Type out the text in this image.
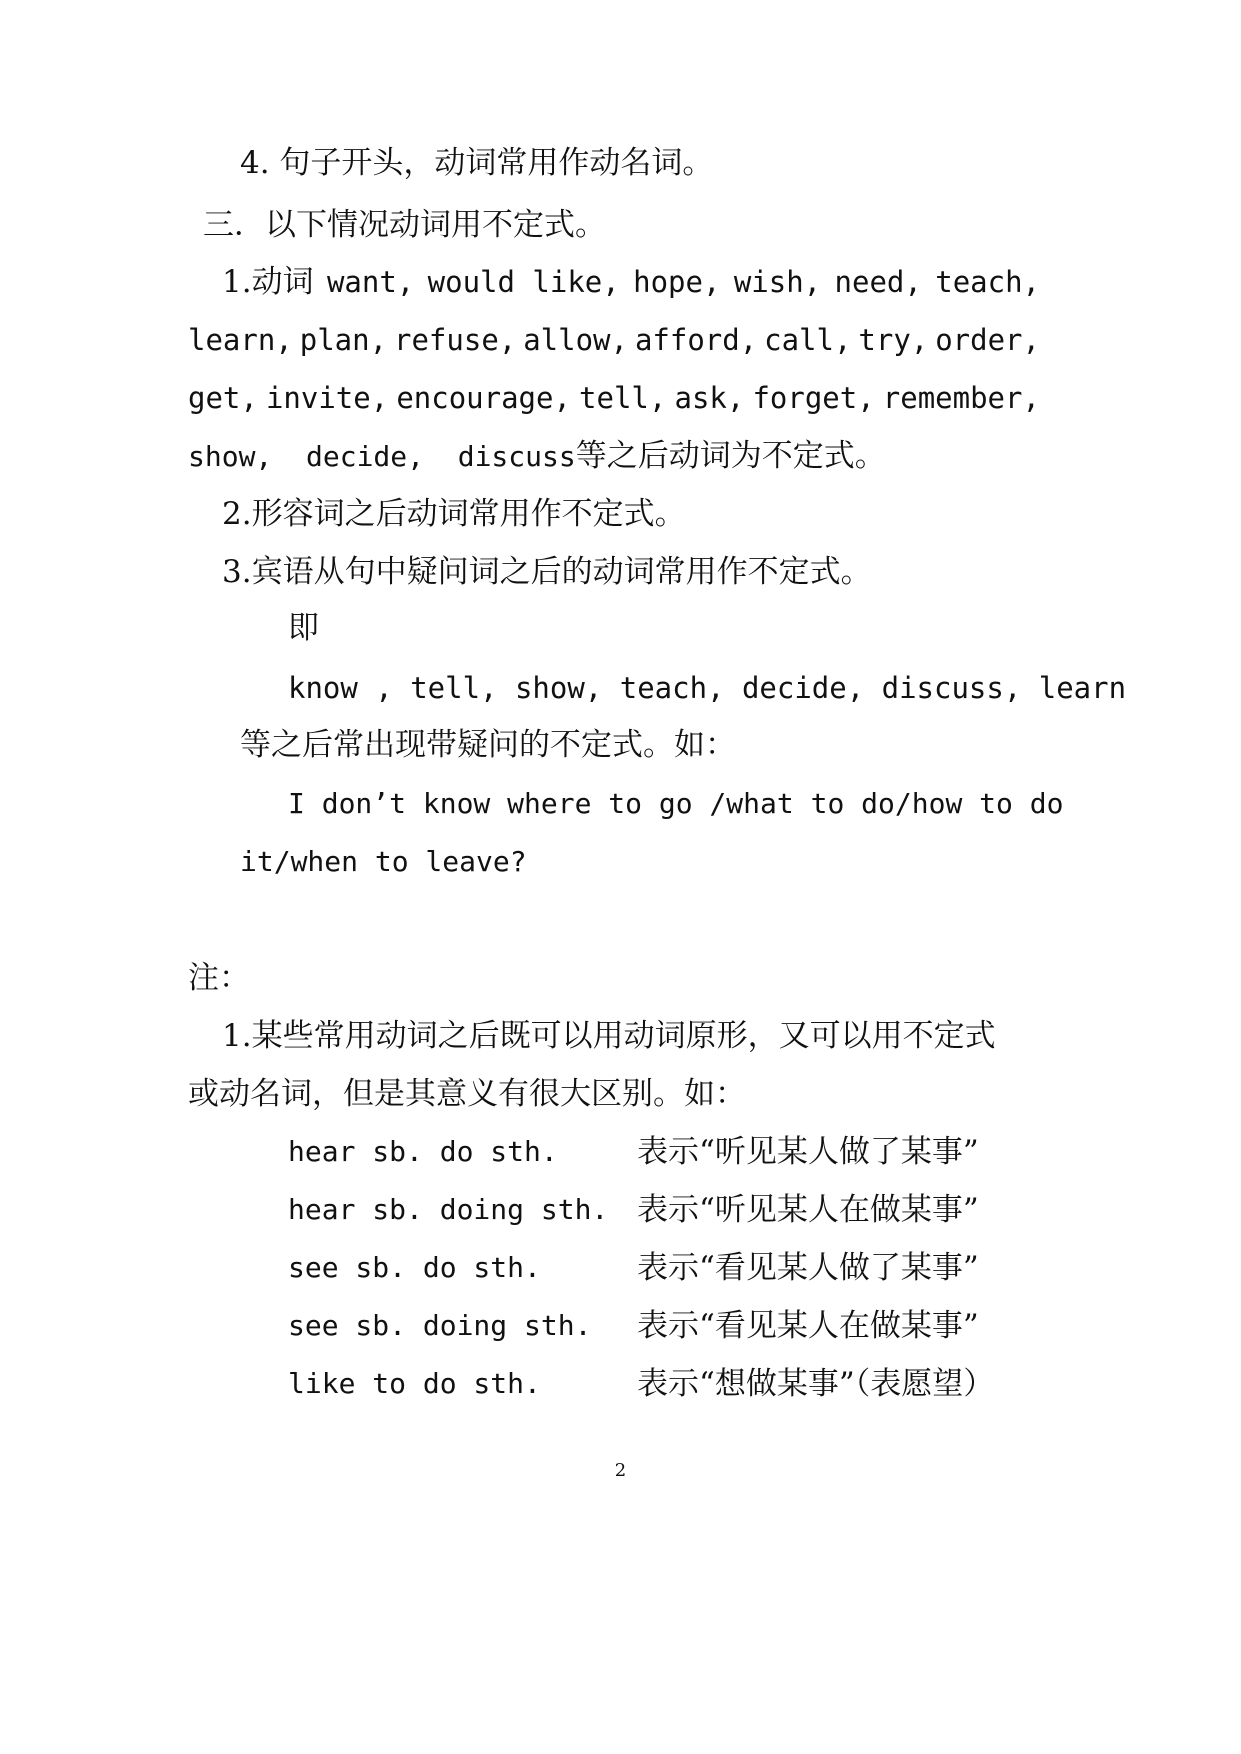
4. 句子开头，动词常用作动名词。
三．以下情况动词用不定式。
1.动词 want, would like, hope, wish, need, teach,
learn, plan, refuse, allow, afford, call, try, order,
get, invite, encourage, tell, ask, forget, remember,
show,  decide,  discuss等之后动词为不定式。
2.形容词之后动词常用作不定式。
3.宾语从句中疑问词之后的动词常用作不定式。
即
know , tell, show, teach, decide, discuss, learn
等之后常出现带疑问的不定式。如：
I don’t know where to go /what to do/how to do
it/when to leave?
注：
1.某些常用动词之后既可以用动词原形，又可以用不定式
或动名词，但是其意义有很大区别。如：
hear sb. do sth.	表示“听见某人做了某事”
hear sb. doing sth. 表示“听见某人在做某事”
see sb. do sth.	表示“看见某人做了某事”
see sb. doing sth. 表示“看见某人在做某事”
like to do sth.	表示“想做某事”（表愿望）
2
